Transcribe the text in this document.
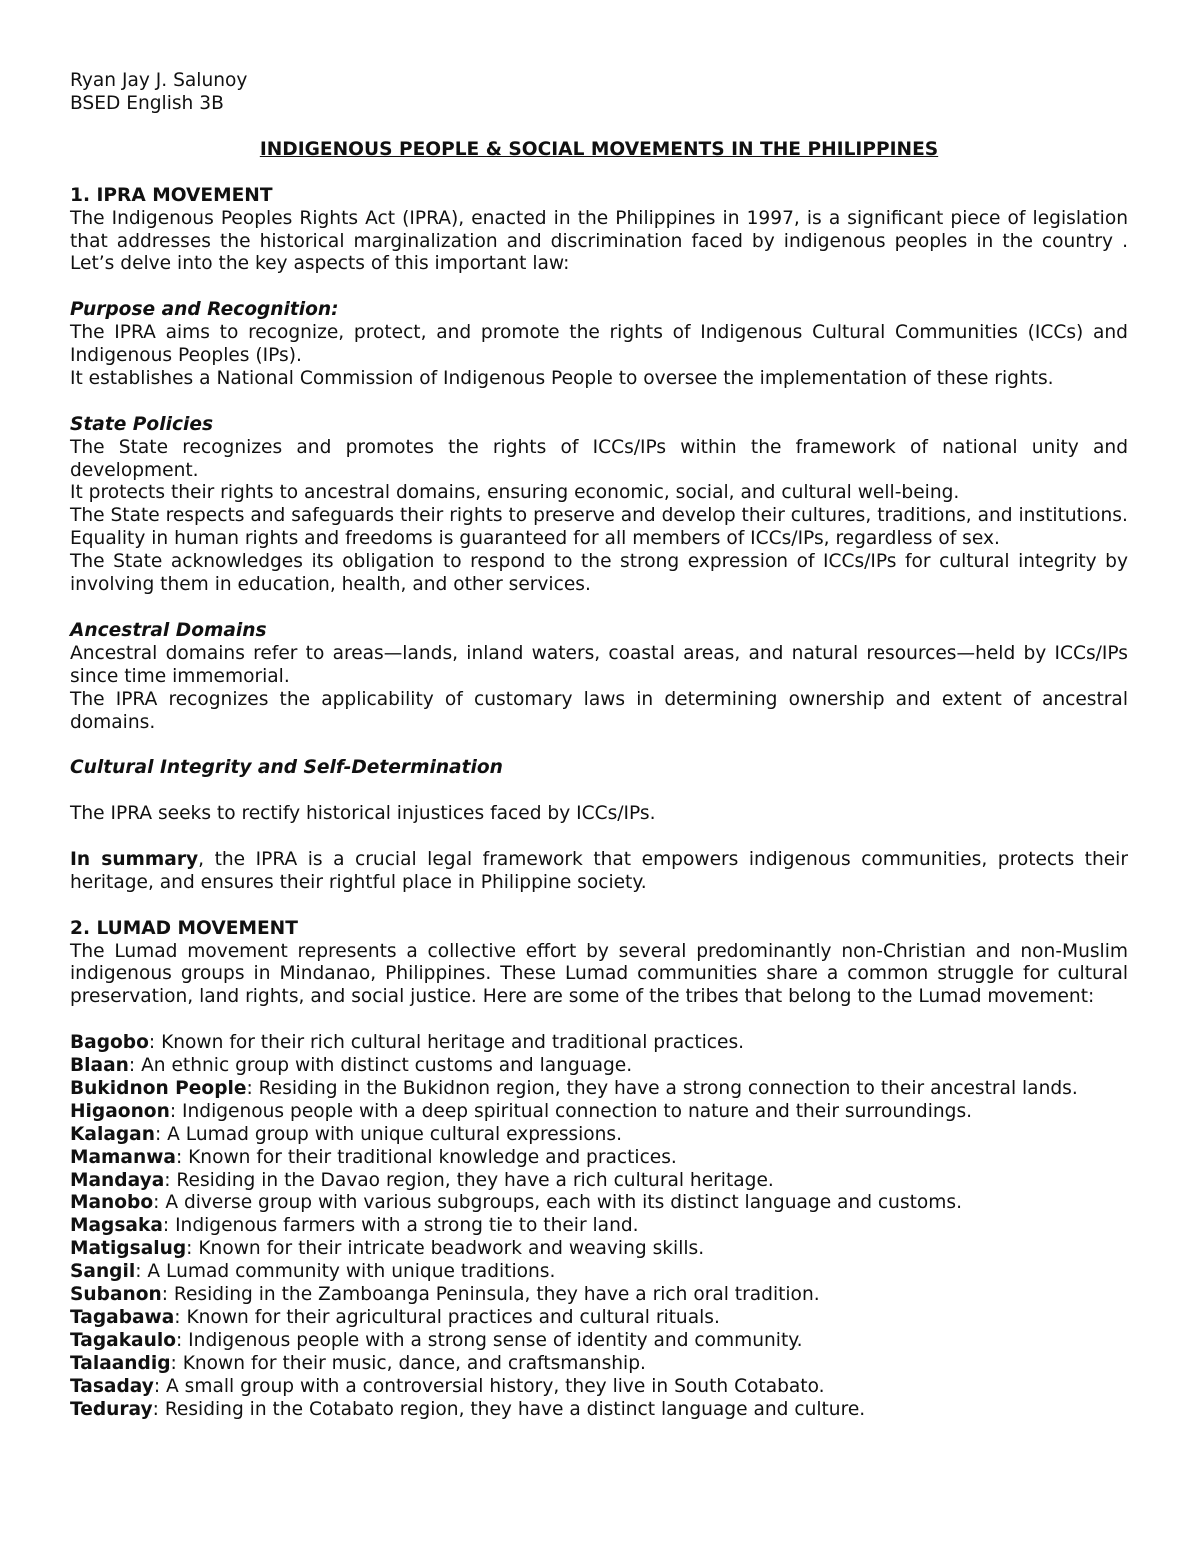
Ryan Jay J. Salunoy

BSED English 3B

INDIGENOUS PEOPLE & SOCIAL MOVEMENTS IN THE PHILIPPINES

1. IPRA MOVEMENT

The Indigenous Peoples Rights Act (IPRA), enacted in the Philippines in 1997, is a significant piece of legislation that addresses the historical marginalization and discrimination faced by indigenous peoples in the country . Let’s delve into the key aspects of this important law:

Purpose and Recognition:

The IPRA aims to recognize, protect, and promote the rights of Indigenous Cultural Communities (ICCs) and Indigenous Peoples (IPs).

It establishes a National Commission of Indigenous People to oversee the implementation of these rights.

State Policies

The State recognizes and promotes the rights of ICCs/IPs within the framework of national unity and development.

It protects their rights to ancestral domains, ensuring economic, social, and cultural well-being.

The State respects and safeguards their rights to preserve and develop their cultures, traditions, and institutions.

Equality in human rights and freedoms is guaranteed for all members of ICCs/IPs, regardless of sex.

The State acknowledges its obligation to respond to the strong expression of ICCs/IPs for cultural integrity by involving them in education, health, and other services.

Ancestral Domains

Ancestral domains refer to areas—lands, inland waters, coastal areas, and natural resources—held by ICCs/IPs since time immemorial.

The IPRA recognizes the applicability of customary laws in determining ownership and extent of ancestral domains.

Cultural Integrity and Self-Determination

The IPRA seeks to rectify historical injustices faced by ICCs/IPs.

In summary, the IPRA is a crucial legal framework that empowers indigenous communities, protects their heritage, and ensures their rightful place in Philippine society.

2. LUMAD MOVEMENT

The Lumad movement represents a collective effort by several predominantly non-Christian and non-Muslim indigenous groups in Mindanao, Philippines. These Lumad communities share a common struggle for cultural preservation, land rights, and social justice. Here are some of the tribes that belong to the Lumad movement:

Bagobo: Known for their rich cultural heritage and traditional practices.

Blaan: An ethnic group with distinct customs and language.

Bukidnon People: Residing in the Bukidnon region, they have a strong connection to their ancestral lands.

Higaonon: Indigenous people with a deep spiritual connection to nature and their surroundings.

Kalagan: A Lumad group with unique cultural expressions.

Mamanwa: Known for their traditional knowledge and practices.

Mandaya: Residing in the Davao region, they have a rich cultural heritage.

Manobo: A diverse group with various subgroups, each with its distinct language and customs.

Magsaka: Indigenous farmers with a strong tie to their land.

Matigsalug: Known for their intricate beadwork and weaving skills.

Sangil: A Lumad community with unique traditions.

Subanon: Residing in the Zamboanga Peninsula, they have a rich oral tradition.

Tagabawa: Known for their agricultural practices and cultural rituals.

Tagakaulo: Indigenous people with a strong sense of identity and community.

Talaandig: Known for their music, dance, and craftsmanship.

Tasaday: A small group with a controversial history, they live in South Cotabato.

Teduray: Residing in the Cotabato region, they have a distinct language and culture.
